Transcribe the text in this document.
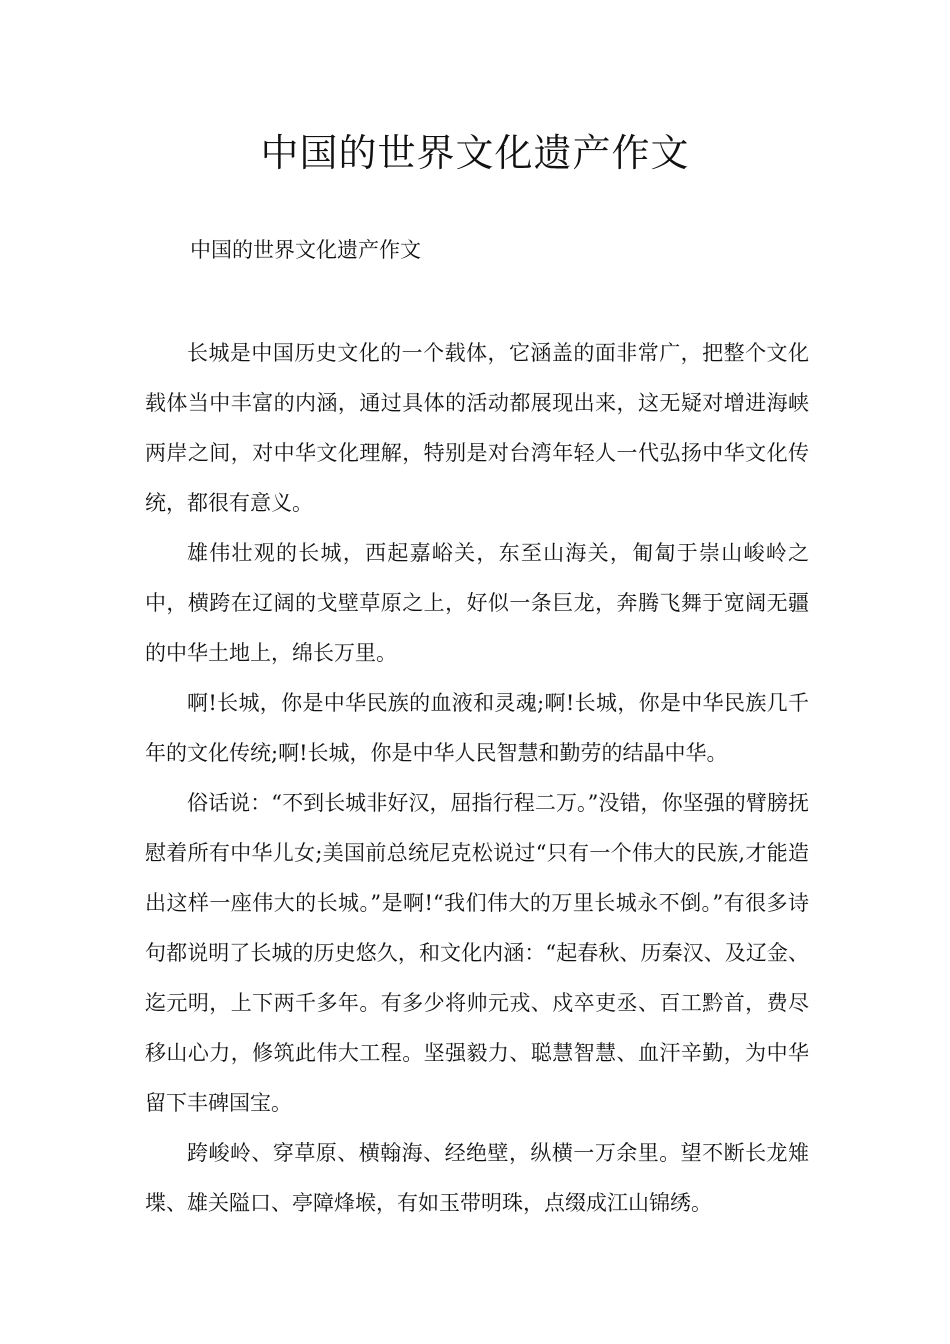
中国的世界文化遗产作文

中国的世界文化遗产作文

长城是中国历史文化的一个载体，它涵盖的面非常广，把整个文化载体当中丰富的内涵，通过具体的活动都展现出来，这无疑对增进海峡两岸之间，对中华文化理解，特别是对台湾年轻人一代弘扬中华文化传统，都很有意义。

雄伟壮观的长城，西起嘉峪关，东至山海关，匍匐于崇山峻岭之中，横跨在辽阔的戈壁草原之上，好似一条巨龙，奔腾飞舞于宽阔无疆的中华土地上，绵长万里。

啊!长城，你是中华民族的血液和灵魂;啊!长城，你是中华民族几千年的文化传统;啊!长城，你是中华人民智慧和勤劳的结晶中华。

俗话说：“不到长城非好汉，屈指行程二万。”没错，你坚强的臂膀抚慰着所有中华儿女;美国前总统尼克松说过“只有一个伟大的民族,才能造出这样一座伟大的长城。”是啊!“我们伟大的万里长城永不倒。”有很多诗句都说明了长城的历史悠久，和文化内涵：“起春秋、历秦汉、及辽金、迄元明，上下两千多年。有多少将帅元戎、戍卒吏丞、百工黔首，费尽移山心力，修筑此伟大工程。坚强毅力、聪慧智慧、血汗辛勤，为中华留下丰碑国宝。

跨峻岭、穿草原、横翰海、经绝壁，纵横一万余里。望不断长龙雉堞、雄关隘口、亭障烽堠，有如玉带明珠，点缀成江山锦绣。
